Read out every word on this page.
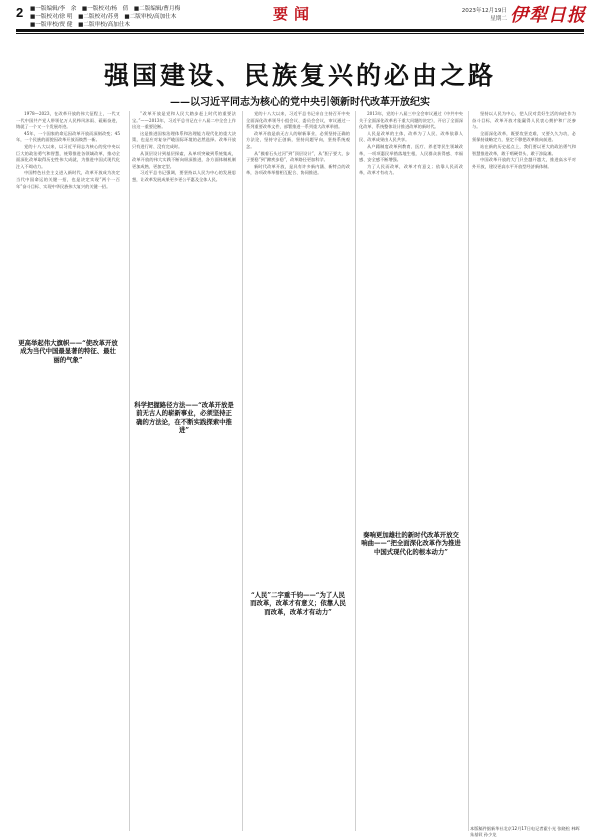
2 ■一版编辑/李　余　■一版校对/杨　倩　■二版编辑/曹月梅
■一版校对/徐 明　■二版校对/苏勇　■二版审校/高加仕木
■一版审校/贾 健　■二版审校/高加仕木
要闻	2023年12月19日
星期二 伊犁日报
强国建设、民族复兴的必由之路
——以习近平同志为核心的党中央引领新时代改革开放纪实

1978—2023，在改革开放的伟大征程上，一代又一代中国共产党人带领亿万人民栉风沐雨、砥砺奋进，铸就了一个又一个发展奇迹。

45年，一个国家的命运因改革开放而深刻改变；45年，一个民族的面貌因改革开放而焕然一新。

党的十八大以来，以习近平同志为核心的党中央以巨大的政治勇气和智慧，统筹推进各领域改革，推动全面深化改革取得历史性伟大成就，为推进中国式现代化注入不竭动力。

中国特色社会主义进入新时代，改革开放成为决定当代中国命运的关键一招，也是决定实现“两个一百年”奋斗目标、实现中华民族伟大复兴的关键一招。

“改革开放是党和人民大踏步赶上时代的重要法宝。”——2013年，习近平总书记在十八届二中全会上作出这一重要论断。

这是推进国家治理体系和治理能力现代化的重大决策，也是应对复杂严峻国际环境的必然选择。改革开放只有进行时、没有完成时。

从顶层设计到基层探索，从单项突破到系统集成，改革开放的伟大实践不断向纵深推进，各方面体制机制更加成熟、更加定型。

习近平总书记强调，要坚持以人民为中心的发展思想，让改革发展成果更多更公平惠及全体人民。

党的十八大以来，习近平总书记亲自主持召开中央全面深化改革领导小组会议、委员会会议，审议通过一系列重要改革文件，部署推进一系列重大改革举措。

改革开放是前无古人的崭新事业，必须坚持正确的方法论，坚持守正创新，坚持问题导向，坚持系统观念。

从“摸着石头过河”到“顶层设计”，从“胆子要大、步子要稳”到“蹄疾步稳”，改革路径更加科学。

新时代改革开放，是具有许多新内涵、新特点的改革，各项改革举措相互配合、协同推进。

2013年，党的十八届三中全会审议通过《中共中央关于全面深化改革若干重大问题的决定》，开启了全面深化改革、系统整体设计推进改革的新时代。

人民是改革的主体，改革为了人民、改革依靠人民、改革成果由人民共享。

从户籍制度改革到教育、医疗、养老等民生领域改革，一项项惠民举措落地生根，人民群众获得感、幸福感、安全感不断增强。

为了人民而改革，改革才有意义；依靠人民而改革，改革才有动力。

坚持以人民为中心，把人民对美好生活的向往作为奋斗目标，改革开放才能赢得人民衷心拥护和广泛参与。

全面深化改革，既要攻坚克难，又要久久为功，必须保持战略定力，坚定不移把改革推向前进。

站在新的历史起点上，我们要以更大的政治勇气和智慧推进改革，敢于啃硬骨头、敢于涉险滩。

中国改革开放的大门只会越开越大，推进高水平对外开放，建设更高水平开放型经济新体制。

更高举起伟大旗帜——“使改革开放成为当代中国最显著的特征、最壮丽的气象”
科学把握路径方法——“改革开放是前无古人的崭新事业，必须坚持正确的方法论，在不断实践探索中推进”
“人民”二字重千钧——“为了人民而改革，改革才有意义；依靠人民而改革，改革才有动力”
奏响更加雄壮的新时代改革开放交响曲——“把全面深化改革作为推进中国式现代化的根本动力”
本版稿件据新华社北京12月17日电记者霍小光 张晓松 林晖 朱基钗 孙少龙
